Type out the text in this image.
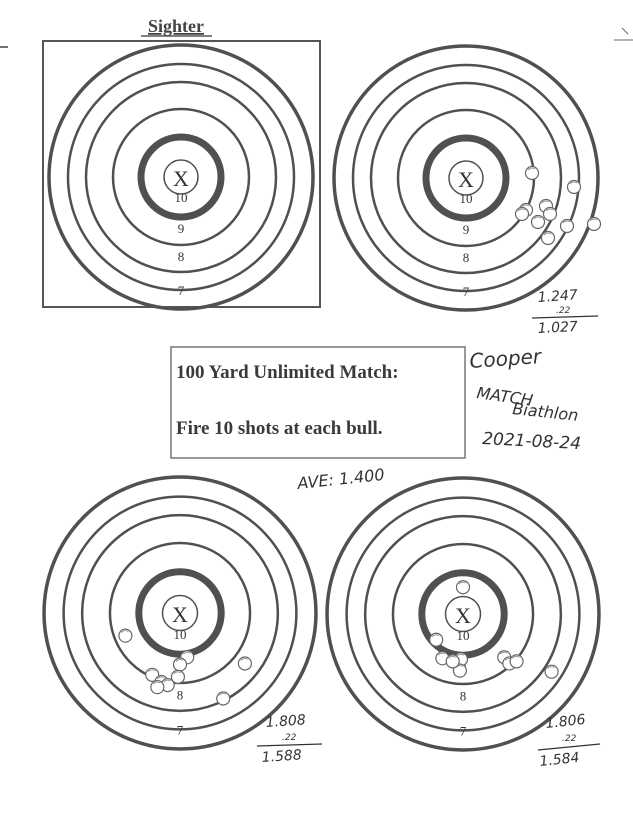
Sighter
X
10
9
8
7
X
10
9
8
7
X
10
8
7
X
10
8
7
100 Yard Unlimited Match:
Fire 10 shots at each bull.
Cooper
MATCH
Biathlon
2021-08-24
AVE: 1.400
1.247
.22
1.027
1.808
.22
1.588
1.806
.22
1.584
